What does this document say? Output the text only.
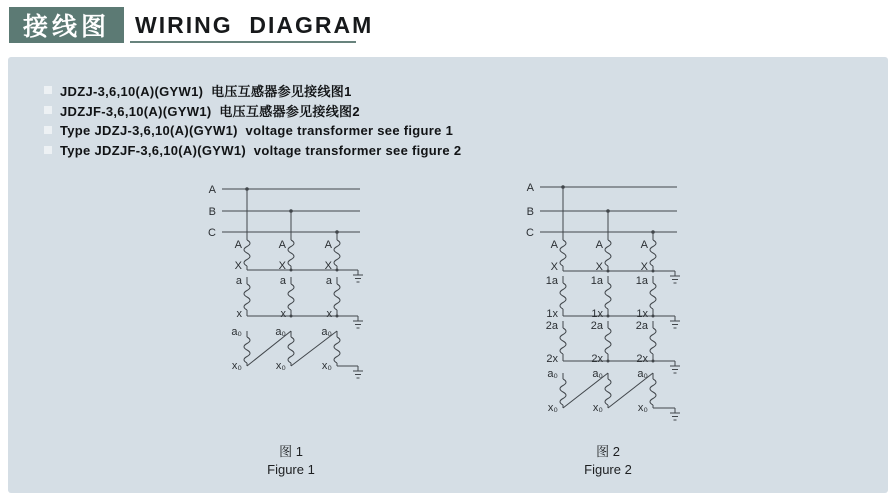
接线图 WIRING  DIAGRAM
JDZJ-3,6,10(A)(GYW1)  电压互感器参见接线图1
JDZJF-3,6,10(A)(GYW1)  电压互感器参见接线图2
Type JDZJ-3,6,10(A)(GYW1)  voltage transformer see figure 1
Type JDZJF-3,6,10(A)(GYW1)  voltage transformer see figure 2
A
B
C
A	A	A
X	X	X
a	a	a
x	x	x
a₀	a₀	a₀
x₀	x₀	x₀
A
B
C
A	A	A
X	X	X
1a	1a	1a
1x	1x	1x
2a	2a	2a
2x	2x	2x
a₀	a₀	a₀
x₀	x₀	x₀
图 1
Figure 1
图 2
Figure 2
